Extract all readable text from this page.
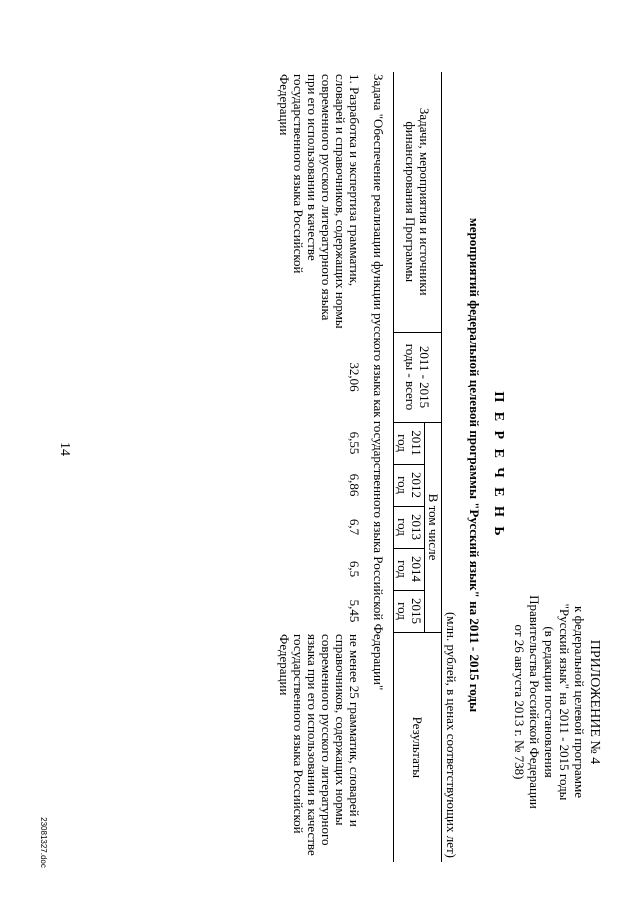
14
ПРИЛОЖЕНИЕ № 4
к федеральной целевой программе
"Русский язык" на 2011 - 2015 годы
(в редакции постановления
Правительства Российской Федерации
от 26 августа 2013 г. № 738)
П Е Р Е Ч Е Н Ь
мероприятий федеральной целевой программы "Русский язык" на 2011 - 2015 годы
(млн. рублей, в ценах соответствующих лет)
Задачи, мероприятия и источники финансирования Программы	2011 - 2015 годы - всего	В том числе					Результаты
		2011 год	2012 год	2013 год	2014 год	2015 год	
Задача "Обеспечение реализации функции русского языка как государственного языка Российской Федерации"							
1. Разработка и экспертиза грамматик, словарей и справочников, содержащих нормы современного русского литературного языка при его использовании в качестве государственного языка Российской Федерации	32,06	6,55	6,86	6,7	6,5	5,45	не менее 25 грамматик, словарей и справочников, содержащих нормы современного русского литературного языка при его использовании в качестве государственного языка Российской Федерации
23081327.doc
